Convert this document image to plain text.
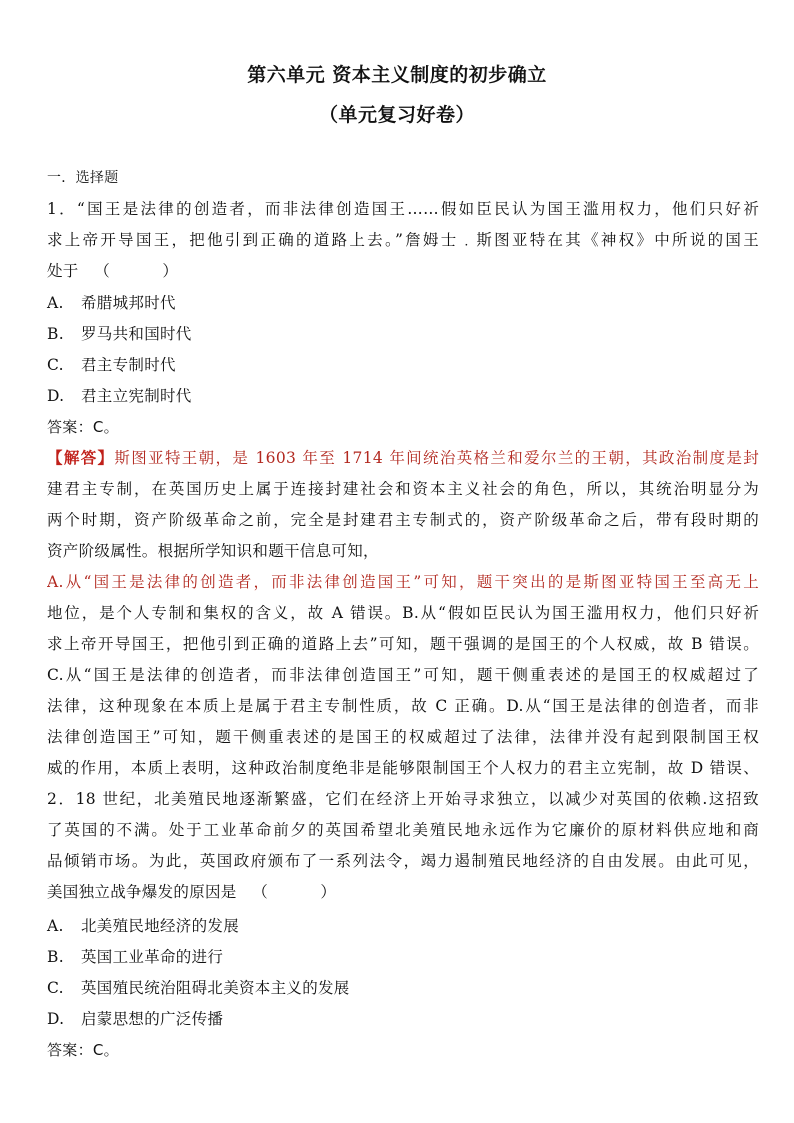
第六单元 资本主义制度的初步确立
（单元复习好卷）
一．选择题
1．“国王是法律的创造者，而非法律创造国王……假如臣民认为国王滥用权力，他们只好祈
求上帝开导国王，把他引到正确的道路上去。”詹姆士﹒斯图亚特在其《神权》中所说的国王
处于   （          ）
A. 希腊城邦时代
B. 罗马共和国时代
C. 君主专制时代
D. 君主立宪制时代
答案：C。
【解答】斯图亚特王朝，是 1603 年至 1714 年间统治英格兰和爱尔兰的王朝，其政治制度是封
建君主专制，在英国历史上属于连接封建社会和资本主义社会的角色，所以，其统治明显分为
两个时期，资产阶级革命之前，完全是封建君主专制式的，资产阶级革命之后，带有段时期的
资产阶级属性。根据所学知识和题干信息可知，
A.从“国王是法律的创造者，而非法律创造国王”可知，题干突出的是斯图亚特国王至高无上
地位，是个人专制和集权的含义，故 A 错误。B.从“假如臣民认为国王滥用权力，他们只好祈
求上帝开导国王，把他引到正确的道路上去”可知，题干强调的是国王的个人权威，故 B 错误。
C.从“国王是法律的创造者，而非法律创造国王”可知，题干侧重表述的是国王的权威超过了
法律，这种现象在本质上是属于君主专制性质，故 C 正确。D.从“国王是法律的创造者，而非
法律创造国王”可知，题干侧重表述的是国王的权威超过了法律，法律并没有起到限制国王权
威的作用，本质上表明，这种政治制度绝非是能够限制国王个人权力的君主立宪制，故 D 错误、
2．18 世纪，北美殖民地逐渐繁盛，它们在经济上开始寻求独立，以减少对英国的依赖.这招致
了英国的不满。处于工业革命前夕的英国希望北美殖民地永远作为它廉价的原材料供应地和商
品倾销市场。为此，英国政府颁布了一系列法令，竭力遏制殖民地经济的自由发展。由此可见，
美国独立战争爆发的原因是   （          ）
A. 北美殖民地经济的发展
B. 英国工业革命的进行
C. 英国殖民统治阻碍北美资本主义的发展
D. 启蒙思想的广泛传播
答案：C。
